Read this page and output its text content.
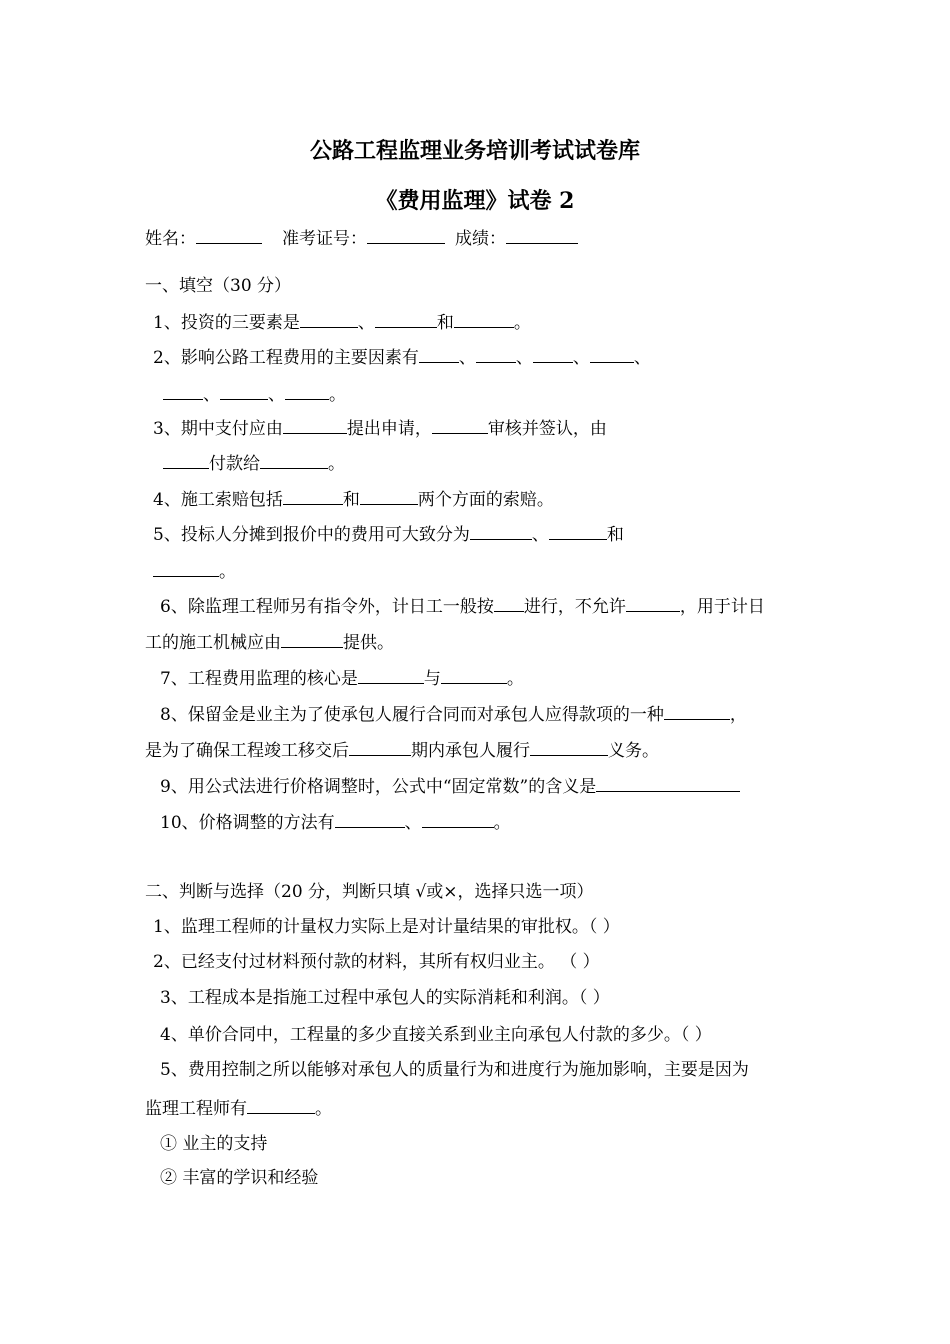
公路工程监理业务培训考试试卷库
《费用监理》试卷 2
姓名：	准考证号：	成绩：
一、填空（30 分）
1、投资的三要素是	、	和	。
2、影响公路工程费用的主要因素有 、 、 、	、
、	、	。
3、期中支付应由	提出申请，	审核并签认，由
付款给	。
4、施工索赔包括	和	两个方面的索赔。
5、投标人分摊到报价中的费用可大致分为	、	和
。
6、除监理工程师另有指令外，计日工一般按 进行，不允许	，用于计日
工的施工机械应由	提供。
7、工程费用监理的核心是	与	。
8、保留金是业主为了使承包人履行合同而对承包人应得款项的一种	，
是为了确保工程竣工移交后	期内承包人履行	义务。
9、用公式法进行价格调整时，公式中“固定常数”的含义是
10、价格调整的方法有	、	。
二、判断与选择（20 分，判断只填 √或×，选择只选一项）
1、监理工程师的计量权力实际上是对计量结果的审批权。（ ）
2、已经支付过材料预付款的材料，其所有权归业主。 （ ）
3、工程成本是指施工过程中承包人的实际消耗和利润。（ ）
4、单价合同中，工程量的多少直接关系到业主向承包人付款的多少。（ ）
5、费用控制之所以能够对承包人的质量行为和进度行为施加影响，主要是因为
监理工程师有	。
① 业主的支持
② 丰富的学识和经验
